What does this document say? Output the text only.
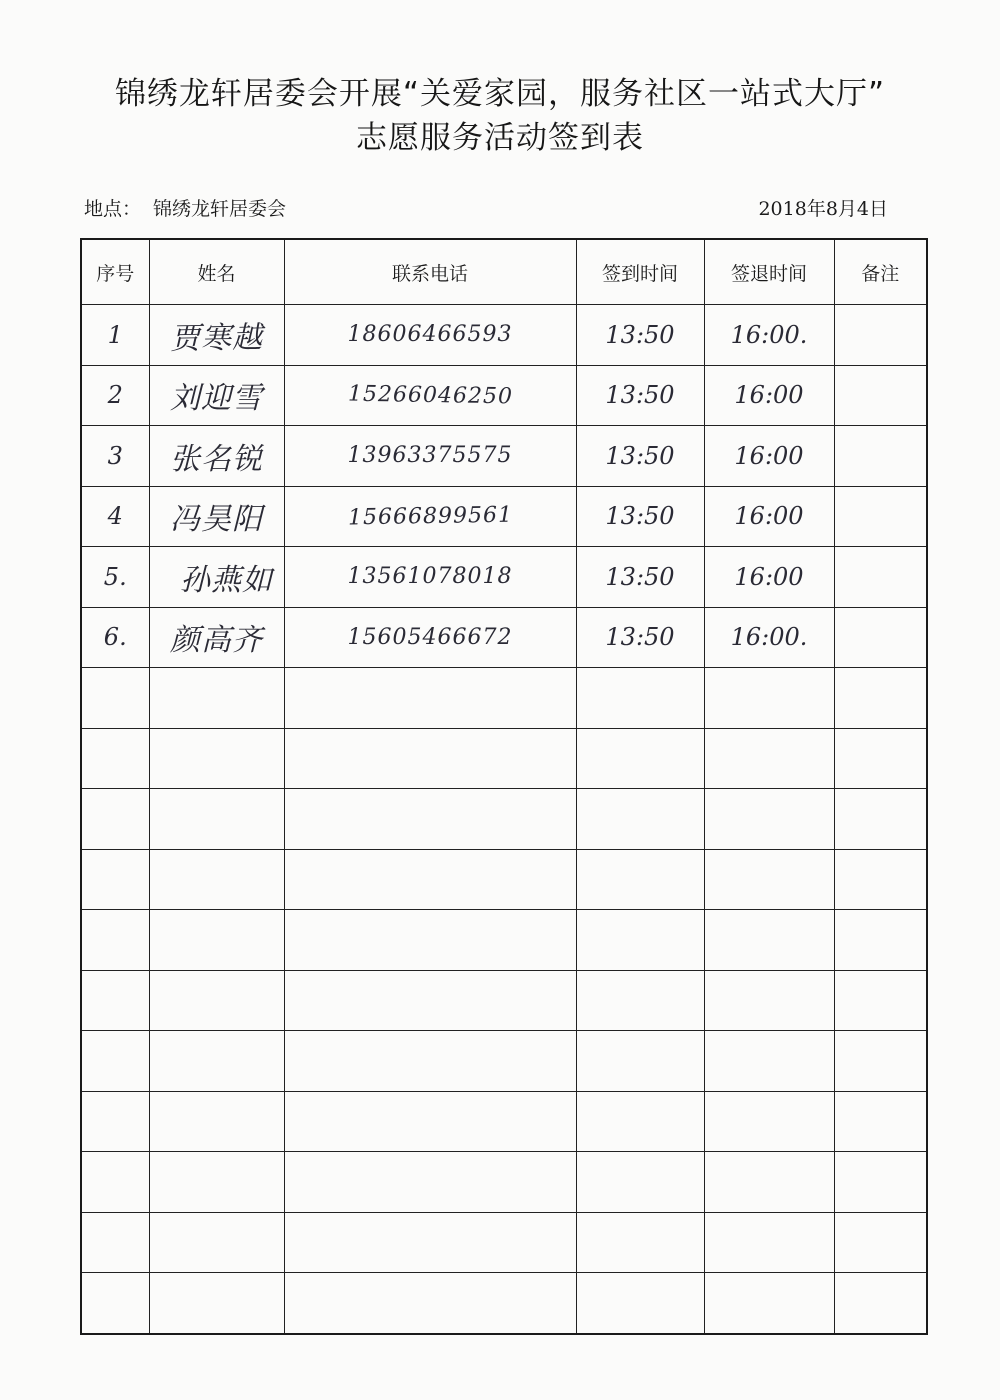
锦绣龙轩居委会开展“关爱家园，服务社区一站式大厅”
志愿服务活动签到表
地点： 锦绣龙轩居委会	2018年8月4日
序号	姓名	联系电话	签到时间	签退时间	备注
1	贾寒越	18606466593	13:50	16:00.	
2	刘迎雪	15266046250	13:50	16:00	
3	张名锐	13963375575	13:50	16:00	
4	冯昊阳	15666899561	13:50	16:00	
5.	孙燕如	13561078018	13:50	16:00	
6.	颜高齐	15605466672	13:50	16:00.	
